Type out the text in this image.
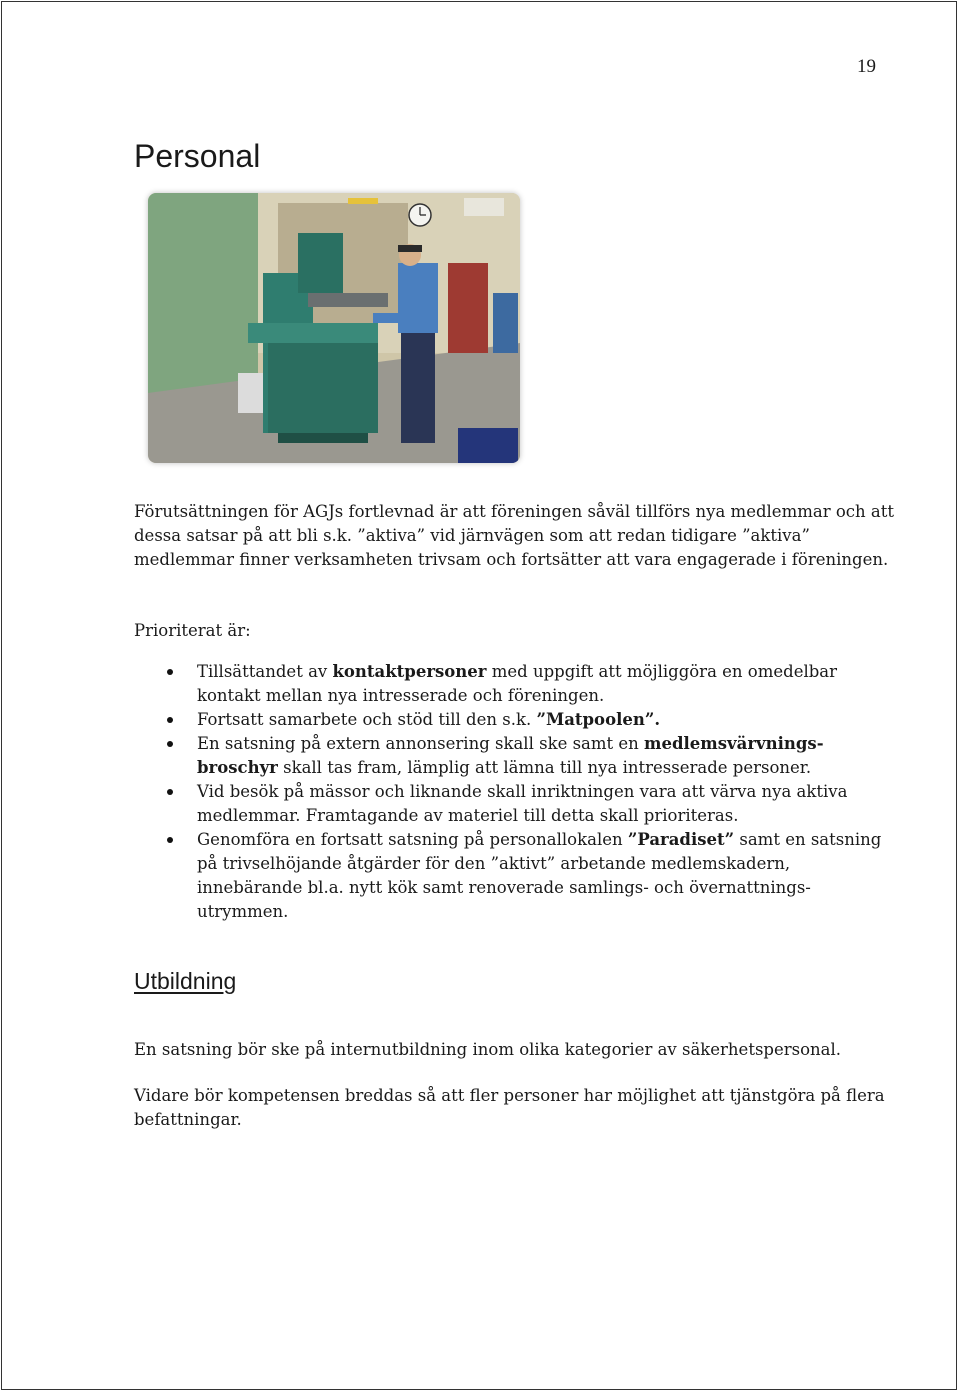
19
Personal

Förutsättningen för AGJs fortlevnad är att föreningen såväl tillförs nya medlemmar och att dessa satsar på att bli s.k. ”aktiva” vid järnvägen som att redan tidigare ”aktiva” medlemmar finner verksamheten trivsam och fortsätter att vara engagerade i föreningen.

Prioriterat är:

Tillsättandet av kontaktpersoner med uppgift att möjliggöra en omedelbar kontakt mellan nya intresserade och föreningen.
Fortsatt samarbete och stöd till den s.k. ”Matpoolen”.
En satsning på extern annonsering skall ske samt en medlemsvärvnings-broschyr skall tas fram, lämplig att lämna till nya intresserade personer.
Vid besök på mässor och liknande skall inriktningen vara att värva nya aktiva medlemmar. Framtagande av materiel till detta skall prioriteras.
Genomföra en fortsatt satsning på personallokalen ”Paradiset” samt en satsning på trivselhöjande åtgärder för den ”aktivt” arbetande medlemskadern, innebärande bl.a. nytt kök samt renoverade samlings- och övernattnings-utrymmen.
Utbildning

En satsning bör ske på internutbildning inom olika kategorier av säkerhetspersonal.

Vidare bör kompetensen breddas så att fler personer har möjlighet att tjänstgöra på flera befattningar.
